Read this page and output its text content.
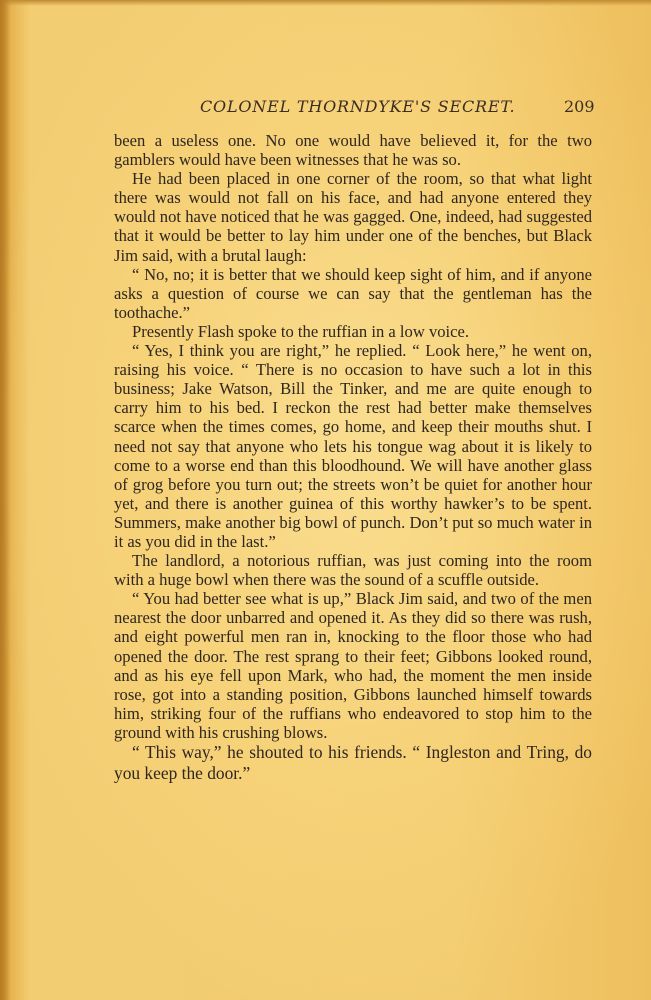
COLONEL THORNDYKE'S SECRET.	209

been a useless one. No one would have believed it, for the two gamblers would have been witnesses that he was so.

He had been placed in one corner of the room, so that what light there was would not fall on his face, and had anyone entered they would not have noticed that he was gagged. One, indeed, had suggested that it would be better to lay him under one of the benches, but Black Jim said, with a brutal laugh:

“ No, no; it is better that we should keep sight of him, and if anyone asks a question of course we can say that the gentleman has the toothache.”

Presently Flash spoke to the ruffian in a low voice.

“ Yes, I think you are right,” he replied. “ Look here,” he went on, raising his voice. “ There is no occasion to have such a lot in this business; Jake Watson, Bill the Tinker, and me are quite enough to carry him to his bed. I reckon the rest had better make themselves scarce when the times comes, go home, and keep their mouths shut. I need not say that anyone who lets his tongue wag about it is likely to come to a worse end than this bloodhound. We will have another glass of grog before you turn out; the streets won’t be quiet for another hour yet, and there is another guinea of this worthy hawker’s to be spent. Summers, make another big bowl of punch. Don’t put so much water in it as you did in the last.”

The landlord, a notorious ruffian, was just coming into the room with a huge bowl when there was the sound of a scuffle outside.

“ You had better see what is up,” Black Jim said, and two of the men nearest the door unbarred and opened it. As they did so there was rush, and eight powerful men ran in, knocking to the floor those who had opened the door. The rest sprang to their feet; Gibbons looked round, and as his eye fell upon Mark, who had, the moment the men inside rose, got into a standing position, Gibbons launched himself towards him, striking four of the ruffians who endeavored to stop him to the ground with his crushing blows.

“ This way,” he shouted to his friends. “ Ingleston and Tring, do you keep the door.”
